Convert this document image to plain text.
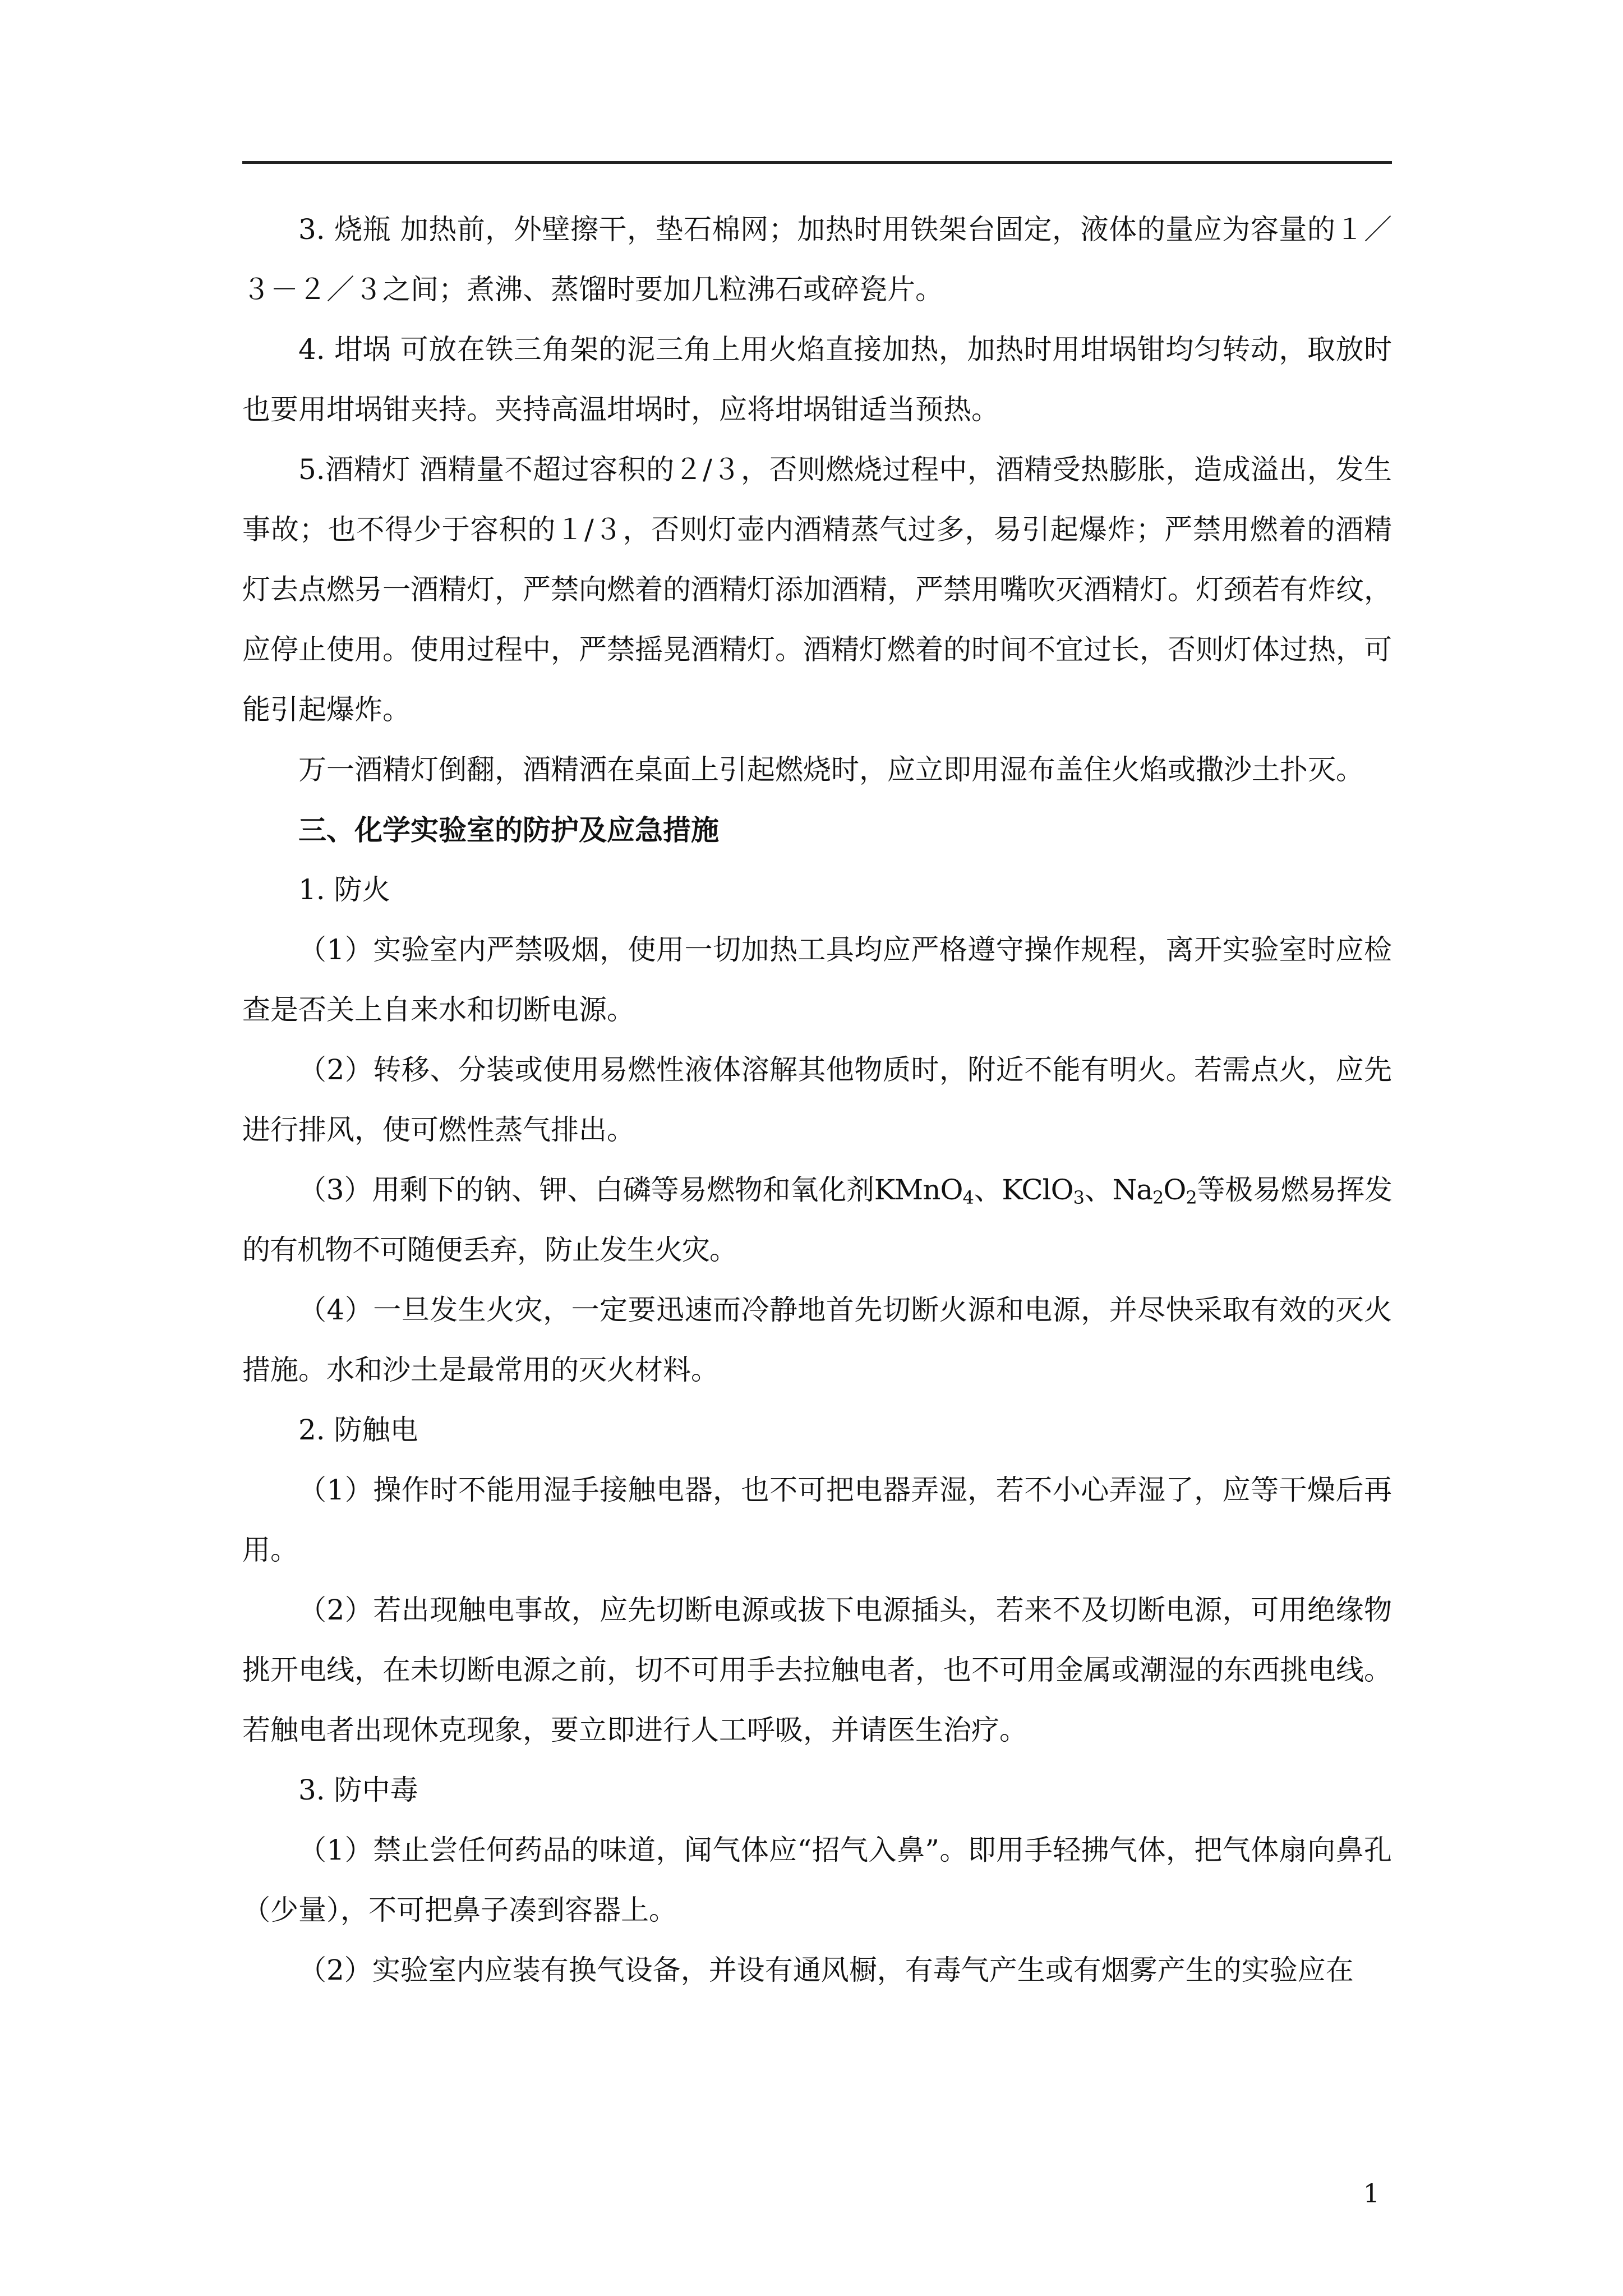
3. 烧瓶 加热前，外壁擦干，垫石棉网；加热时用铁架台固定，液体的量应为容量的１／３－２／３之间；煮沸、蒸馏时要加几粒沸石或碎瓷片。

4. 坩埚 可放在铁三角架的泥三角上用火焰直接加热，加热时用坩埚钳均匀转动，取放时也要用坩埚钳夹持。夹持高温坩埚时，应将坩埚钳适当预热。

5.酒精灯 酒精量不超过容积的２/３，否则燃烧过程中，酒精受热膨胀，造成溢出，发生事故；也不得少于容积的１/３，否则灯壶内酒精蒸气过多，易引起爆炸；严禁用燃着的酒精灯去点燃另一酒精灯，严禁向燃着的酒精灯添加酒精，严禁用嘴吹灭酒精灯。灯颈若有炸纹，应停止使用。使用过程中，严禁摇晃酒精灯。酒精灯燃着的时间不宜过长，否则灯体过热，可能引起爆炸。

万一酒精灯倒翻，酒精洒在桌面上引起燃烧时，应立即用湿布盖住火焰或撒沙土扑灭。

三、化学实验室的防护及应急措施

1. 防火

（1）实验室内严禁吸烟，使用一切加热工具均应严格遵守操作规程，离开实验室时应检查是否关上自来水和切断电源。

（2）转移、分装或使用易燃性液体溶解其他物质时，附近不能有明火。若需点火，应先进行排风，使可燃性蒸气排出。

（3）用剩下的钠、钾、白磷等易燃物和氧化剂KMnO$_4$、KClO$_3$、$Na_2O_2$等极易燃易挥发的有机物不可随便丢弃，防止发生火灾。

（4）一旦发生火灾，一定要迅速而冷静地首先切断火源和电源，并尽快采取有效的灭火措施。水和沙土是最常用的灭火材料。

2. 防触电

（1）操作时不能用湿手接触电器，也不可把电器弄湿，若不小心弄湿了，应等干燥后再用。

（2）若出现触电事故，应先切断电源或拔下电源插头，若来不及切断电源，可用绝缘物挑开电线，在未切断电源之前，切不可用手去拉触电者，也不可用金属或潮湿的东西挑电线。若触电者出现休克现象，要立即进行人工呼吸，并请医生治疗。

3. 防中毒

（1）禁止尝任何药品的味道，闻气体应“招气入鼻”。即用手轻拂气体，把气体扇向鼻孔（少量），不可把鼻子凑到容器上。

（2）实验室内应装有换气设备，并设有通风橱，有毒气产生或有烟雾产生的实验应在

1
